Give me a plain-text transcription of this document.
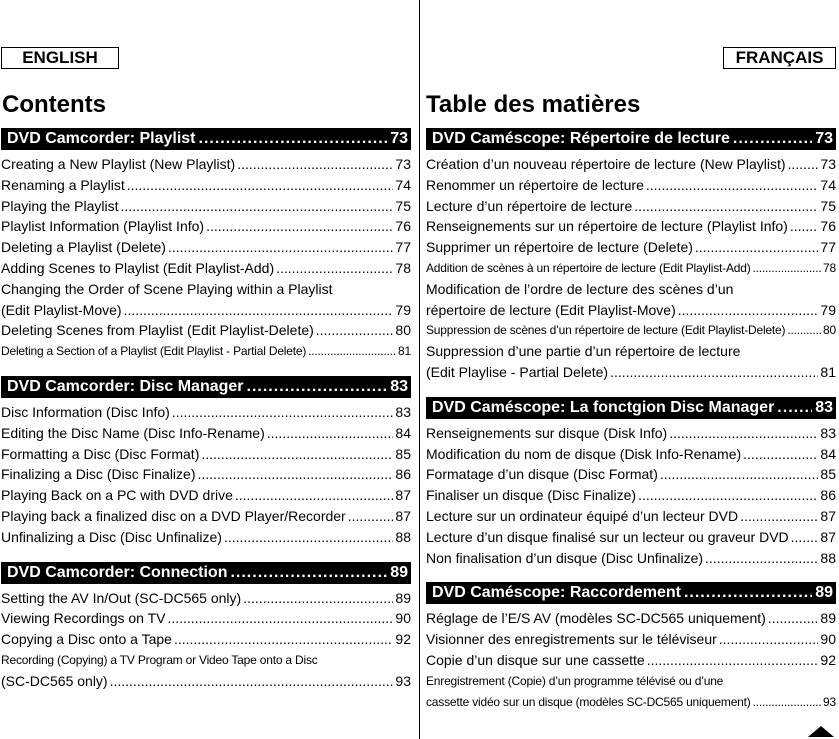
ENGLISH	FRANÇAIS
Contents	Table des matières
DVD Camcorder: Playlist .....	73
Creating a New Playlist (New Playlist) .....	73
Renaming a Playlist .....	74
Playing the Playlist .....	75
Playlist Information (Playlist Info) .....	76
Deleting a Playlist (Delete) .....	77
Adding Scenes to Playlist (Edit Playlist-Add) .....	78
Changing the Order of Scene Playing within a Playlist
(Edit Playlist-Move) .....	79
Deleting Scenes from Playlist (Edit Playlist-Delete) .....	80
Deleting a Section of a Playlist (Edit Playlist - Partial Delete) .....	81
DVD Camcorder: Disc Manager .....	83
Disc Information (Disc Info) .....	83
Editing the Disc Name (Disc Info-Rename) .....	84
Formatting a Disc (Disc Format) .....	85
Finalizing a Disc (Disc Finalize) .....	86
Playing Back on a PC with DVD drive .....	87
Playing back a finalized disc on a DVD Player/Recorder .....	87
Unfinalizing a Disc (Disc Unfinalize) .....	88
DVD Camcorder: Connection .....	89
Setting the AV In/Out (SC-DC565 only) .....	89
Viewing Recordings on TV .....	90
Copying a Disc onto a Tape .....	92
Recording (Copying) a TV Program or Video Tape onto a Disc
(SC-DC565 only) .....	93
DVD Caméscope: Répertoire de lecture .....	73
Création d’un nouveau répertoire de lecture (New Playlist) ..... 73
Renommer un répertoire de lecture .....	74
Lecture d’un répertoire de lecture .....	75
Renseignements sur un répertoire de lecture (Playlist Info) ..... 76
Supprimer un répertoire de lecture (Delete) .....	77
Addition de scènes à un répertoire de lecture (Edit Playlist-Add) .....	78
Modification de l’ordre de lecture des scènes d’un
répertoire de lecture (Edit Playlist-Move) .....	79
Suppression de scènes d’un répertoire de lecture (Edit Playlist-Delete) .....	80
Suppression d’une partie d’un répertoire de lecture
(Edit Playlise - Partial Delete) .....	81
DVD Caméscope: La fonctgion Disc Manager .....	83
Renseignements sur disque (Disk Info) .....	83
Modification du nom de disque (Disk Info-Rename) .....	84
Formatage d’un disque (Disc Format) .....	85
Finaliser un disque (Disc Finalize) .....	86
Lecture sur un ordinateur équipé d’un lecteur DVD .....	87
Lecture d’un disque finalisé sur un lecteur ou graveur DVD ..... 87
Non finalisation d’un disque (Disc Unfinalize) .....	88
DVD Caméscope: Raccordement .....	89
Réglage de l’E/S AV (modèles SC-DC565 uniquement) .....	89
Visionner des enregistrements sur le téléviseur .....	90
Copie d’un disque sur une cassette .....	92
Enregistrement (Copie) d’un programme télévisé ou d’une
cassette vidéo sur un disque (modèles SC-DC565 uniquement) .....	93
